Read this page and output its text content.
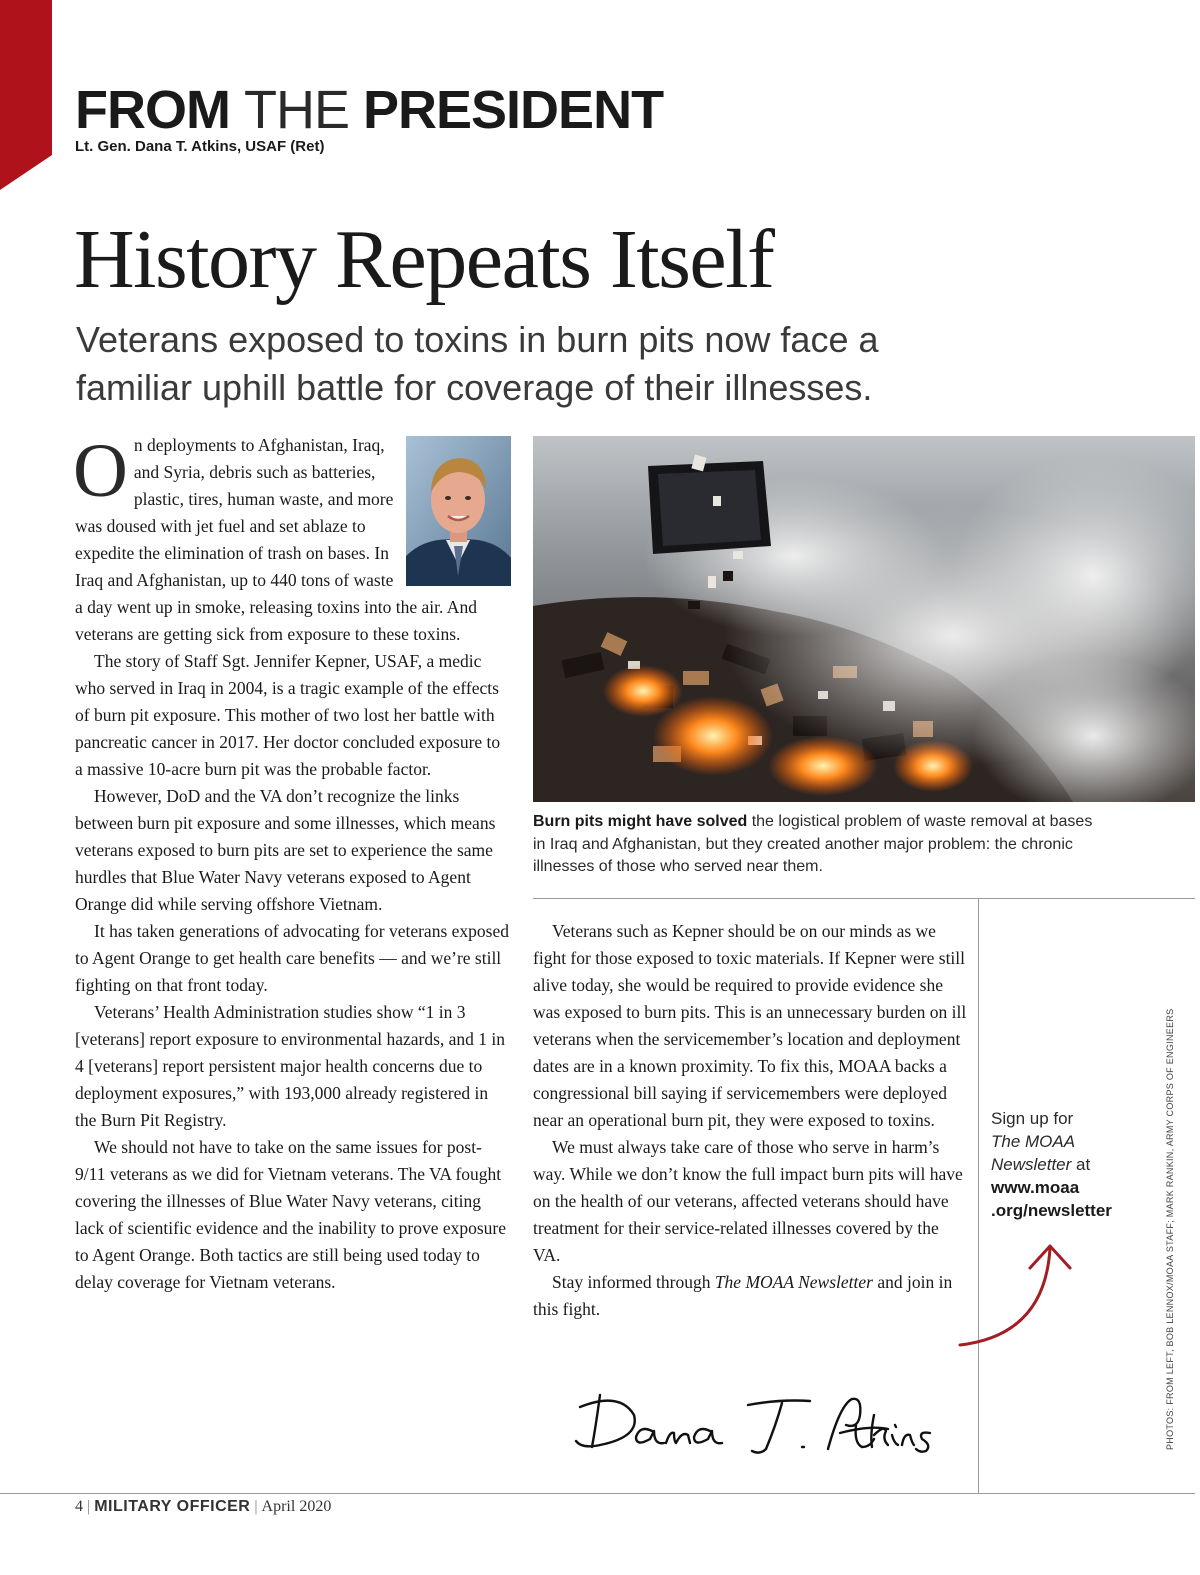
FROM THE PRESIDENT
Lt. Gen. Dana T. Atkins, USAF (Ret)
History Repeats Itself
Veterans exposed to toxins in burn pits now face a familiar uphill battle for coverage of their illnesses.

On deployments to Afghanistan, Iraq, and Syria, debris such as batteries, plastic, tires, human waste, and more was doused with jet fuel and set ablaze to expedite the elimination of trash on bases. In Iraq and Afghanistan, up to 440 tons of waste a day went up in smoke, releasing toxins into the air. And veterans are getting sick from exposure to these toxins.

The story of Staff Sgt. Jennifer Kepner, USAF, a medic who served in Iraq in 2004, is a tragic example of the effects of burn pit exposure. This mother of two lost her battle with pancreatic cancer in 2017. Her doctor concluded exposure to a massive 10-acre burn pit was the probable factor.

However, DoD and the VA don’t recognize the links between burn pit exposure and some illnesses, which means veterans exposed to burn pits are set to experience the same hurdles that Blue Water Navy veterans exposed to Agent Orange did while serving offshore Vietnam.

It has taken generations of advocating for veterans exposed to Agent Orange to get health care benefits — and we’re still fighting on that front today.

Veterans’ Health Administration studies show “1 in 3 [veterans] report exposure to environmental hazards, and 1 in 4 [veterans] report persistent major health concerns due to deployment exposures,” with 193,000 already registered in the Burn Pit Registry.

We should not have to take on the same issues for post-9/11 veterans as we did for Vietnam veterans. The VA fought covering the illnesses of Blue Water Navy veterans, citing lack of scientific evidence and the inability to prove exposure to Agent Orange. Both tactics are still being used today to delay coverage for Vietnam veterans.

Burn pits might have solved the logistical problem of waste removal at bases in Iraq and Afghanistan, but they created another major problem: the chronic illnesses of those who served near them.

Veterans such as Kepner should be on our minds as we fight for those exposed to toxic materials. If Kepner were still alive today, she would be required to provide evidence she was exposed to burn pits. This is an unnecessary burden on ill veterans when the servicemember’s location and deployment dates are in a known proximity. To fix this, MOAA backs a congressional bill saying if servicemembers were deployed near an operational burn pit, they were exposed to toxins.

We must always take care of those who serve in harm’s way. While we don’t know the full impact burn pits will have on the health of our veterans, affected veterans should have treatment for their service-related illnesses covered by the VA.

Stay informed through The MOAA Newsletter and join in this fight.

Sign up for
The MOAA Newsletter at
www.moaa
.org/newsletter	PHOTOS: FROM LEFT, BOB LENNOX/MOAA STAFF; MARK RANKIN, ARMY CORPS OF ENGINEERS
4 | MILITARY OFFICER | April 2020
